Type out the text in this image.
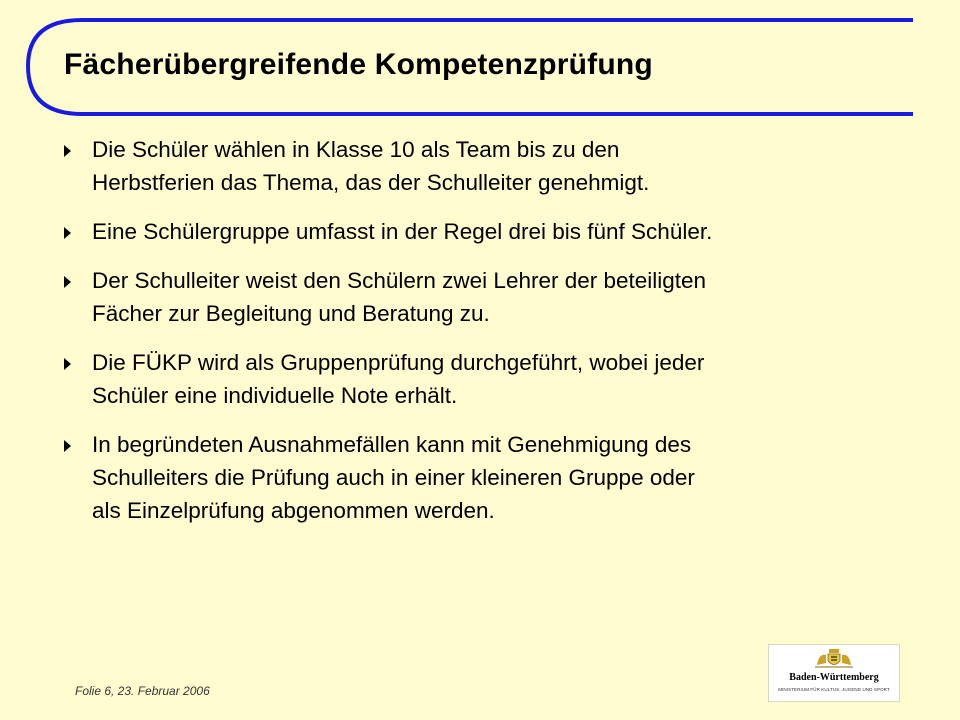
Fächerübergreifende Kompetenzprüfung
Die Schüler wählen in Klasse 10 als Team bis zu den
Herbstferien das Thema, das der Schulleiter genehmigt.
Eine Schülergruppe umfasst in der Regel drei bis fünf Schüler.
Der Schulleiter weist den Schülern zwei Lehrer der beteiligten
Fächer zur Begleitung und Beratung zu.
Die FÜKP wird als Gruppenprüfung durchgeführt, wobei jeder
Schüler eine individuelle Note erhält.
In begründeten Ausnahmefällen kann mit Genehmigung des
Schulleiters die Prüfung auch in einer kleineren Gruppe oder
als Einzelprüfung abgenommen werden.
Folie 6, 23. Februar 2006
Baden-Württemberg
MINISTERIUM FÜR KULTUS, JUGEND UND SPORT
